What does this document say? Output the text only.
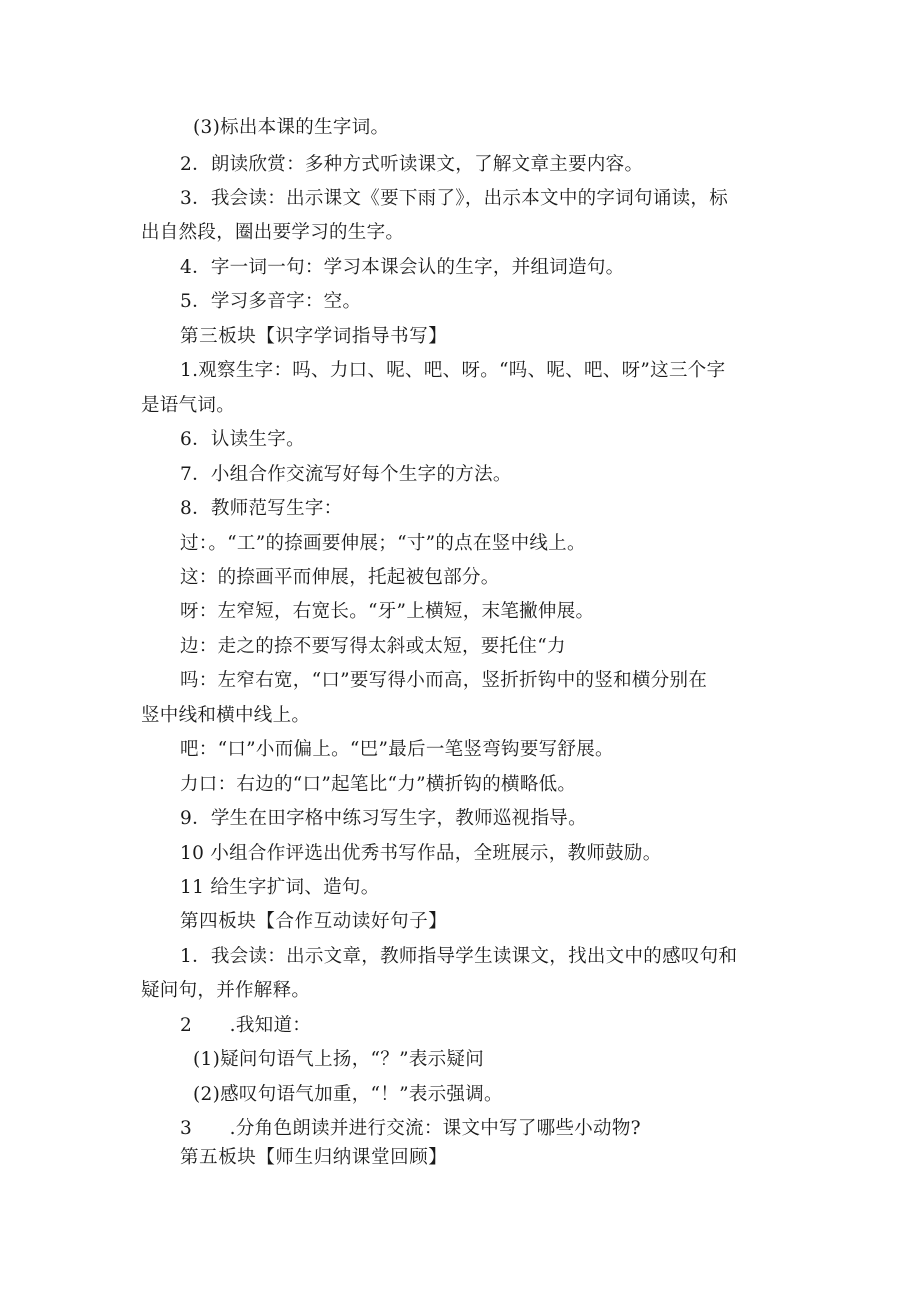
(3)标出本课的生字词。
2．朗读欣赏：多种方式听读课文，了解文章主要内容。
3．我会读：出示课文《要下雨了》，出示本文中的字词句诵读，标
出自然段，圈出要学习的生字。
4．字一词一句：学习本课会认的生字，并组词造句。
5．学习多音字：空。
第三板块【识字学词指导书写】
1.观察生字：吗、力口、呢、吧、呀。“吗、呢、吧、呀”这三个字
是语气词。
6．认读生字。
7．小组合作交流写好每个生字的方法。
8．教师范写生字：
过：。“工”的捺画要伸展；“寸”的点在竖中线上。
这：的捺画平而伸展，托起被包部分。
呀：左窄短，右宽长。“牙”上横短，末笔撇伸展。
边：走之的捺不要写得太斜或太短，要托住“力
吗：左窄右宽，“口”要写得小而高，竖折折钩中的竖和横分别在
竖中线和横中线上。
吧：“口”小而偏上。“巴”最后一笔竖弯钩要写舒展。
力口：右边的“口”起笔比“力”横折钩的横略低。
9．学生在田字格中练习写生字，教师巡视指导。
10 小组合作评选出优秀书写作品，全班展示，教师鼓励。
11 给生字扩词、造句。
第四板块【合作互动读好句子】
1．我会读：出示文章，教师指导学生读课文，找出文中的感叹句和
疑问句，并作解释。
2　　.我知道：
(1)疑问句语气上扬，“？”表示疑问
(2)感叹句语气加重，“！”表示强调。
3　　.分角色朗读并进行交流：课文中写了哪些小动物?
第五板块【师生归纳课堂回顾】
